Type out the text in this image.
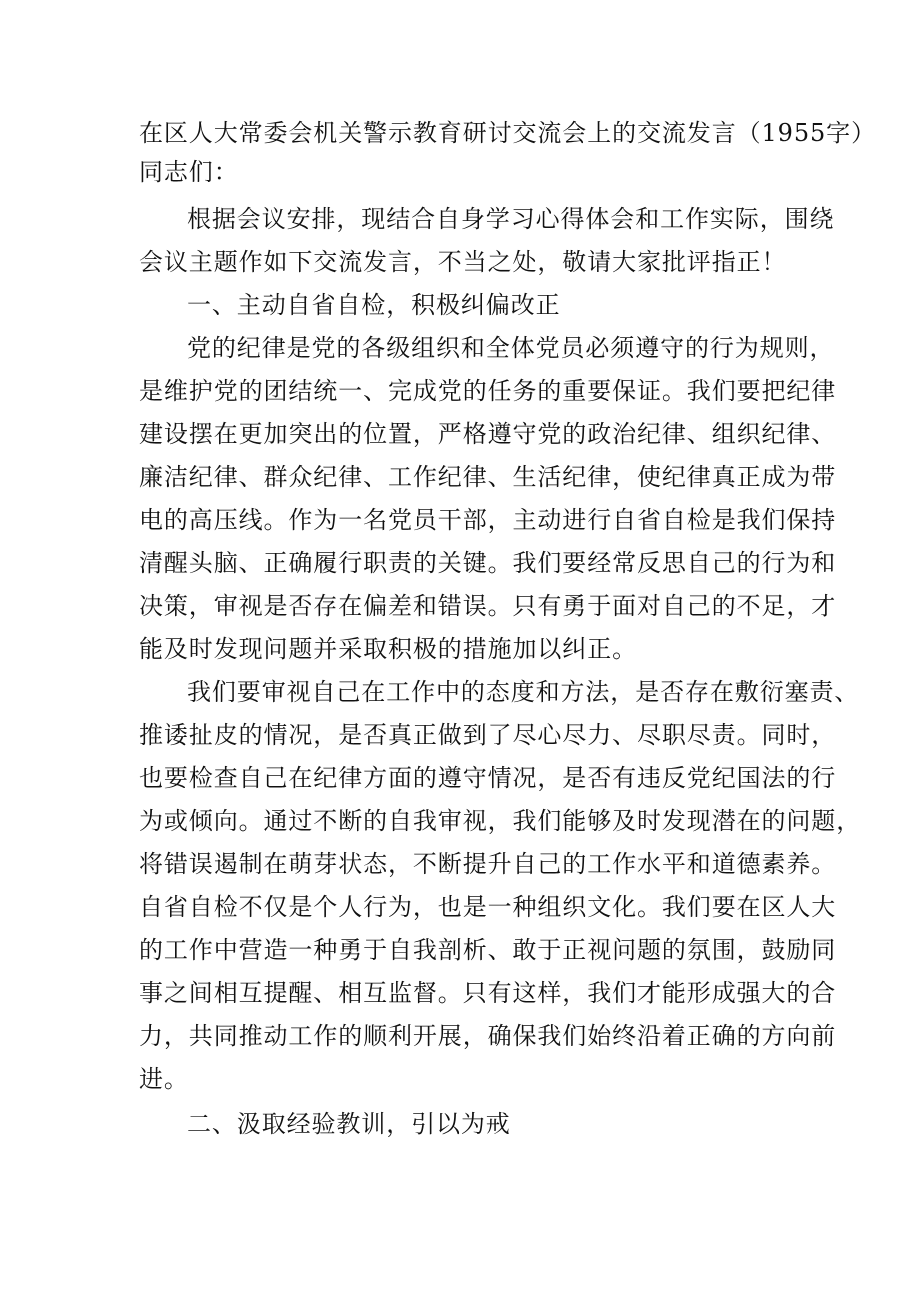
在区人大常委会机关警示教育研讨交流会上的交流发言（1955字）
同志们：
根据会议安排，现结合自身学习心得体会和工作实际，围绕
会议主题作如下交流发言，不当之处，敬请大家批评指正！
一、主动自省自检，积极纠偏改正
党的纪律是党的各级组织和全体党员必须遵守的行为规则，
是维护党的团结统一、完成党的任务的重要保证。我们要把纪律
建设摆在更加突出的位置，严格遵守党的政治纪律、组织纪律、
廉洁纪律、群众纪律、工作纪律、生活纪律，使纪律真正成为带
电的高压线。作为一名党员干部，主动进行自省自检是我们保持
清醒头脑、正确履行职责的关键。我们要经常反思自己的行为和
决策，审视是否存在偏差和错误。只有勇于面对自己的不足，才
能及时发现问题并采取积极的措施加以纠正。
我们要审视自己在工作中的态度和方法，是否存在敷衍塞责、
推诿扯皮的情况，是否真正做到了尽心尽力、尽职尽责。同时，
也要检查自己在纪律方面的遵守情况，是否有违反党纪国法的行
为或倾向。通过不断的自我审视，我们能够及时发现潜在的问题，
将错误遏制在萌芽状态，不断提升自己的工作水平和道德素养。
自省自检不仅是个人行为，也是一种组织文化。我们要在区人大
的工作中营造一种勇于自我剖析、敢于正视问题的氛围，鼓励同
事之间相互提醒、相互监督。只有这样，我们才能形成强大的合
力，共同推动工作的顺利开展，确保我们始终沿着正确的方向前
进。
二、汲取经验教训，引以为戒
